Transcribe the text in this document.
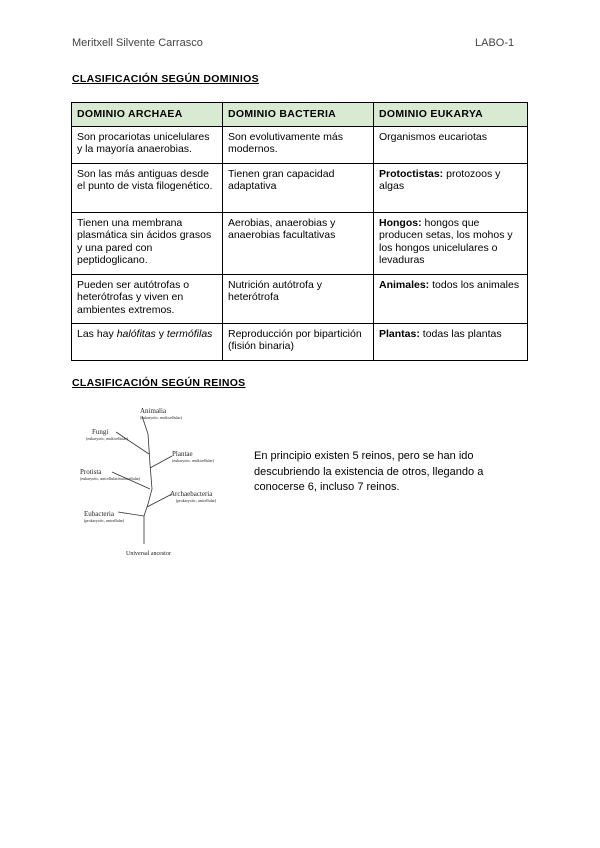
Meritxell Silvente Carrasco	LABO-1
CLASIFICACIÓN SEGÚN DOMINIOS
DOMINIO ARCHAEA	DOMINIO BACTERIA	DOMINIO EUKARYA
Son procariotas unicelulares y la mayoría anaerobias.	Son evolutivamente más modernos.	Organismos eucariotas
Son las más antiguas desde el punto de vista filogenético.	Tienen gran capacidad adaptativa	Protoctistas: protozoos y algas
Tienen una membrana plasmática sin ácidos grasos y una pared con peptidoglicano.	Aerobias, anaerobias y anaerobias facultativas	Hongos: hongos que producen setas, los mohos y los hongos unicelulares o levaduras
Pueden ser autótrofas o heterótrofas y viven en ambientes extremos.	Nutrición autótrofa y heterótrofa	Animales: todos los animales
Las hay halófitas y termófilas	Reproducción por bipartición (fisión binaria)	Plantas: todas las plantas
CLASIFICACIÓN SEGÚN REINOS
Animalia
(eukaryotic, multicellular)
Fungi
(eukaryotic, multicellular)
Plantae
(eukaryotic, multicellular)
Protista
(eukaryotic, unicellular/multicellular)
Archaebacteria
(prokaryotic, unicellular)
Eubacteria
(prokaryotic, unicellular)
Universal ancestor
En principio existen 5 reinos, pero se han ido descubriendo la existencia de otros, llegando a conocerse 6, incluso 7 reinos.
